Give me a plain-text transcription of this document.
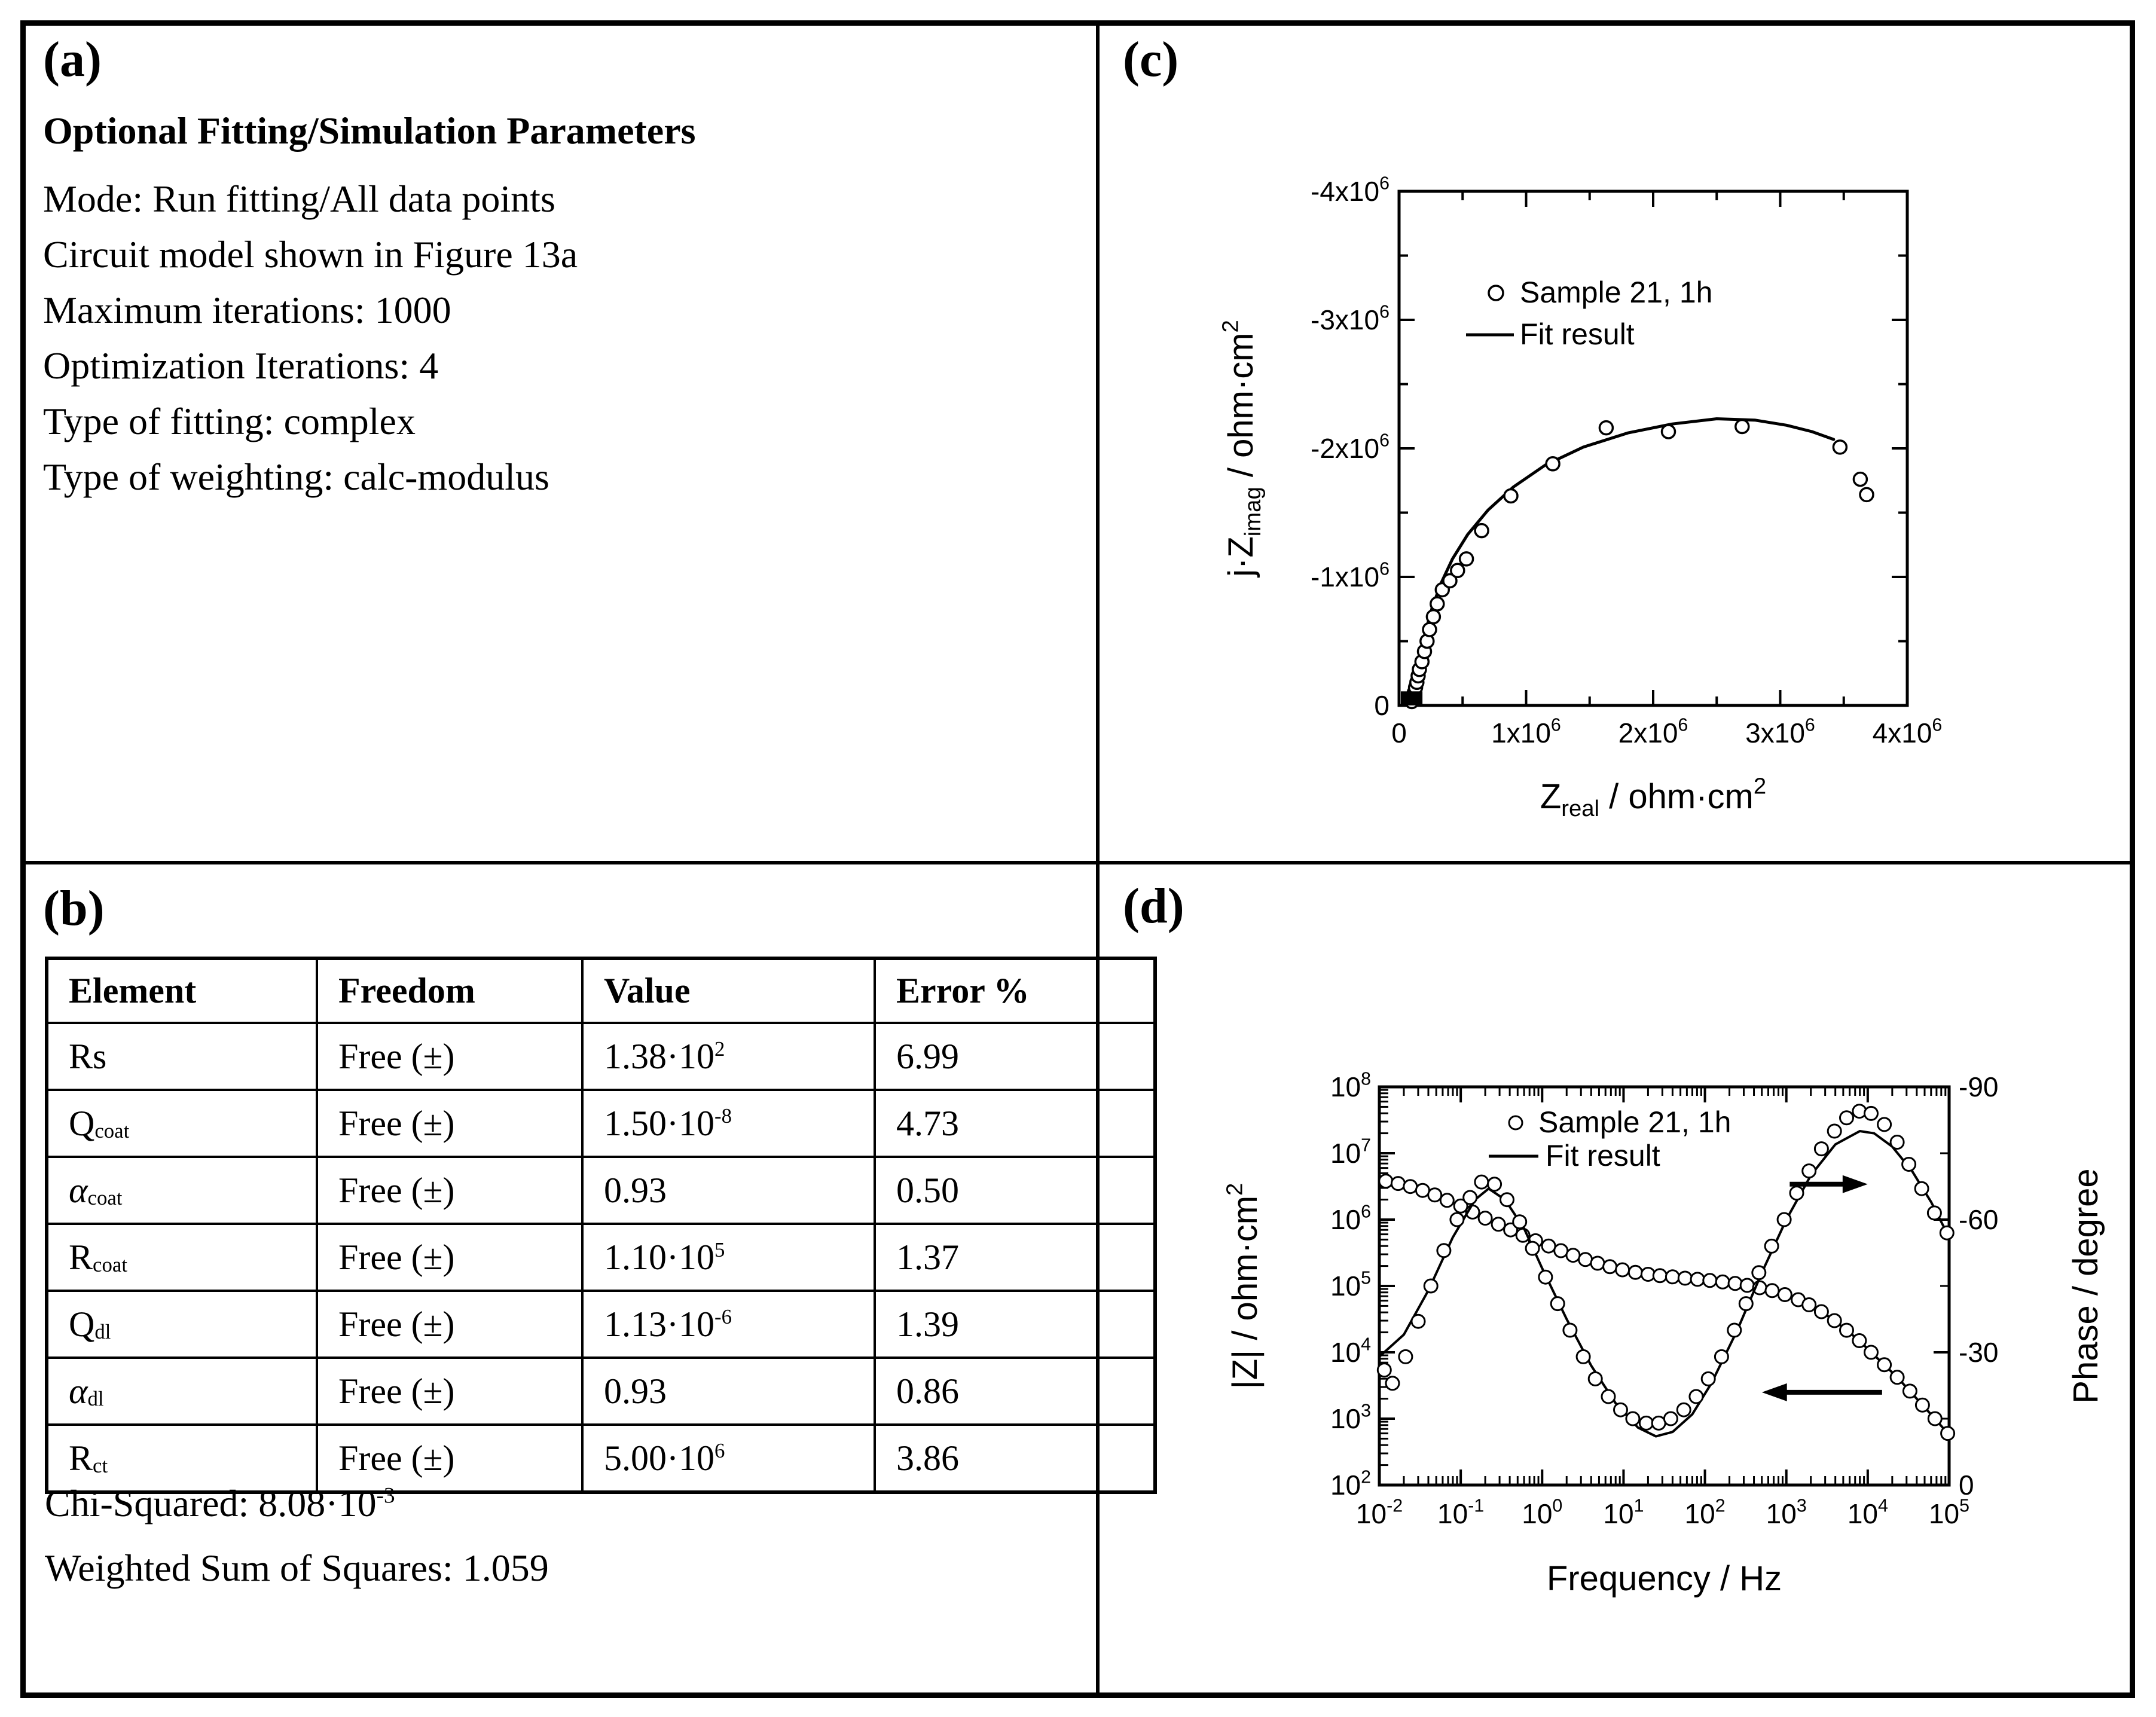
(a)
Optional Fitting/Simulation Parameters
Mode: Run fitting/All data points
Circuit model shown in Figure 13a
Maximum iterations: 1000
Optimization Iterations: 4
Type of fitting: complex
Type of weighting: calc-modulus
(b)
Element	Freedom	Value	Error %
Rs	Free (±)	$1.38\cdot 10^2$	6.99
$Q_{coat}$	Free (±)	$1.50\cdot 10^{-8}$	4.73
$\alpha_{coat}$	Free (±)	0.93	0.50
$R_{coat}$	Free (±)	$1.10\cdot 10^5$	1.37
$Q_{dl}$	Free (±)	$1.13\cdot 10^{-6}$	1.39
$\alpha_{dl}$	Free (±)	0.93	0.86
$R_{ct}$	Free (±)	$5.00\cdot 10^6$	3.86
Chi-Squared: $8.08\cdot 10^{-3}$
Weighted Sum of Squares: 1.059
(c)
0	$1x10^6$ $2x10^6$ $3x10^6$ $4x10^6$
0
$-1x10^6$
$-2x10^6$
$-3x10^6$
$-4x10^6$
$Z_{real} / ohm\cdot cm^2$
$j\cdot Z_{imag} / ohm\cdot cm^2$
Sample 21, 1h
Fit result
(d)
$10^{-2}$ $10^{-1}$ $10^0$ $10^1$ $10^2$ $10^3$ $10^4$ $10^5$
$10^2$
$10^3$
$10^4$
$10^5$
$10^6$
$10^7$
$10^8$
0
-30
-60
-90
Frequency / Hz
$|Z| / ohm\cdot cm^2$	Phase / degree
Sample 21, 1h
Fit result
